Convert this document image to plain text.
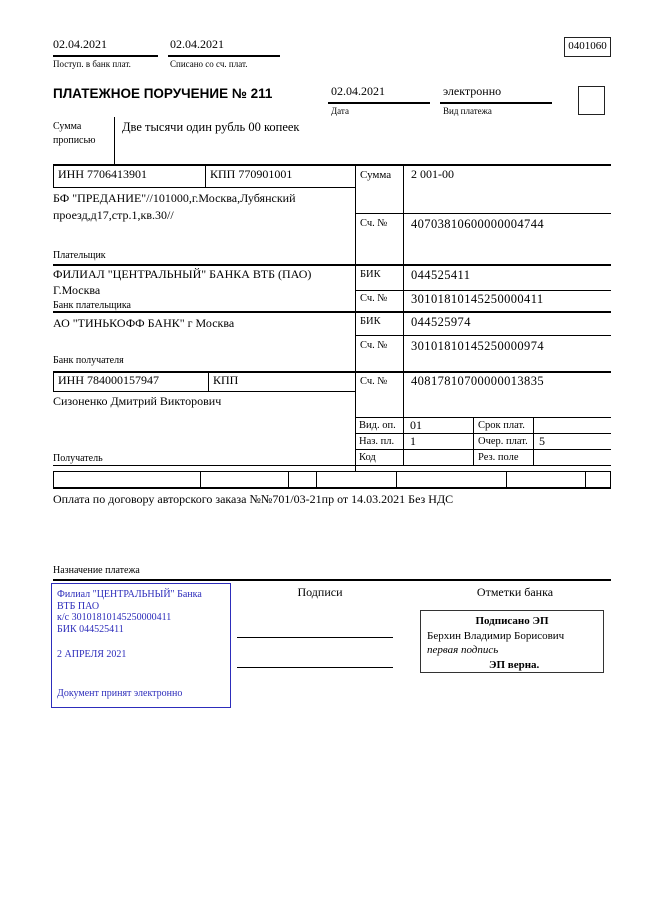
02.04.2021
Поступ. в банк плат.
02.04.2021
Списано со сч. плат.
0401060
ПЛАТЕЖНОЕ ПОРУЧЕНИЕ № 211	02.04.2021
Дата
электронно
Вид платежа
Сумма
прописью
Две тысячи один рубль 00 копеек
ИНН 7706413901	КПП 770901001	Сумма 2 001-00
БФ "ПРЕДАНИЕ"//101000,г.Москва,Лубянский
проезд,д17,стр.1,кв.30//
Сч. № 40703810600000004744
Плательщик
ФИЛИАЛ "ЦЕНТРАЛЬНЫЙ" БАНКА ВТБ (ПАО)
Г.Москва
БИК 044525411
Сч. № 30101810145250000411
Банк плательщика
АО "ТИНЬКОФФ БАНК" г Москва	БИК 044525974
Сч. № 30101810145250000974
Банк получателя
ИНН 784000157947	КПП	Сч. № 40817810700000013835
Сизоненко Дмитрий Викторович
Получатель
Вид. оп. 01	Срок плат.
Наз. пл. 1	Очер. плат. 5
Код	Рез. поле
Оплата по договору авторского заказа №№701/03-21пр от 14.03.2021 Без НДС
Назначение платежа
Подписи	Отметки банка
Филиал "ЦЕНТРАЛЬНЫЙ" Банка
ВТБ ПАО
к/с 30101810145250000411
БИК 044525411
2 АПРЕЛЯ 2021
Документ принят электронно
Подписано ЭП
Берхин Владимир Борисович
первая подпись
ЭП верна.
